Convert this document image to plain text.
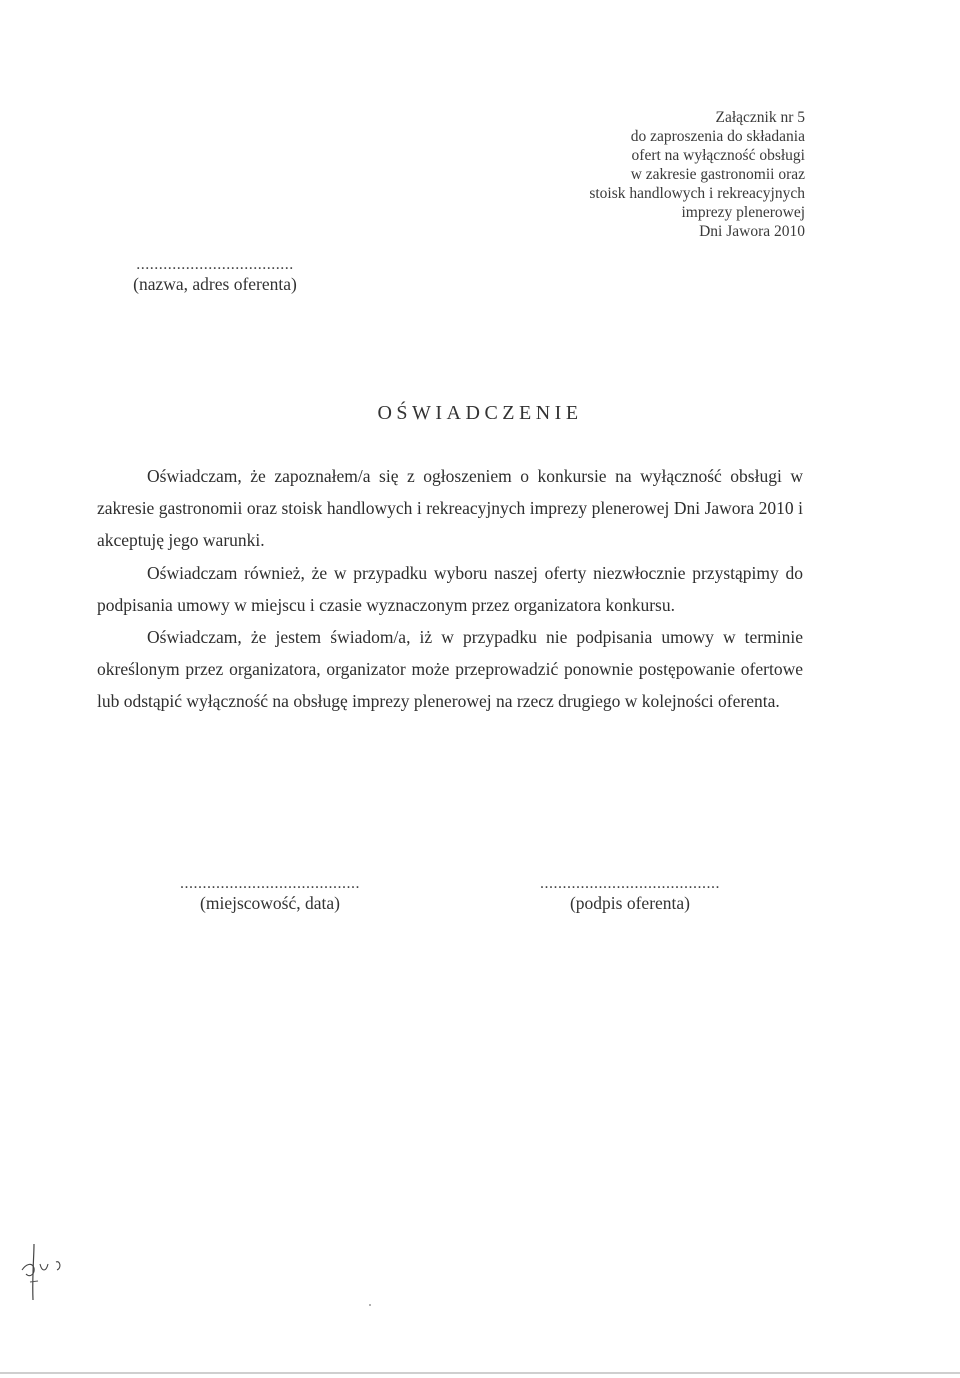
Załącznik nr 5
do zaproszenia do składania
ofert na wyłączność obsługi
w zakresie gastronomii oraz
stoisk handlowych i rekreacyjnych
imprezy plenerowej
Dni Jawora 2010
...................................
(nazwa, adres oferenta)
OŚWIADCZENIE

Oświadczam, że zapoznałem/a się z ogłoszeniem o konkursie na wyłączność obsługi w zakresie gastronomii oraz stoisk handlowych i rekreacyjnych imprezy plenerowej Dni Jawora 2010 i akceptuję jego warunki.

Oświadczam również, że w przypadku wyboru naszej oferty niezwłocznie przystąpimy do podpisania umowy w miejscu i czasie wyznaczonym przez organizatora konkursu.

Oświadczam, że jestem świadom/a, iż w przypadku nie podpisania umowy w terminie określonym przez organizatora, organizator może przeprowadzić ponownie postępowanie ofertowe lub odstąpić wyłączność na obsługę imprezy plenerowej na rzecz drugiego w kolejności oferenta.

........................................
(miejscowość, data)
........................................
(podpis oferenta)
